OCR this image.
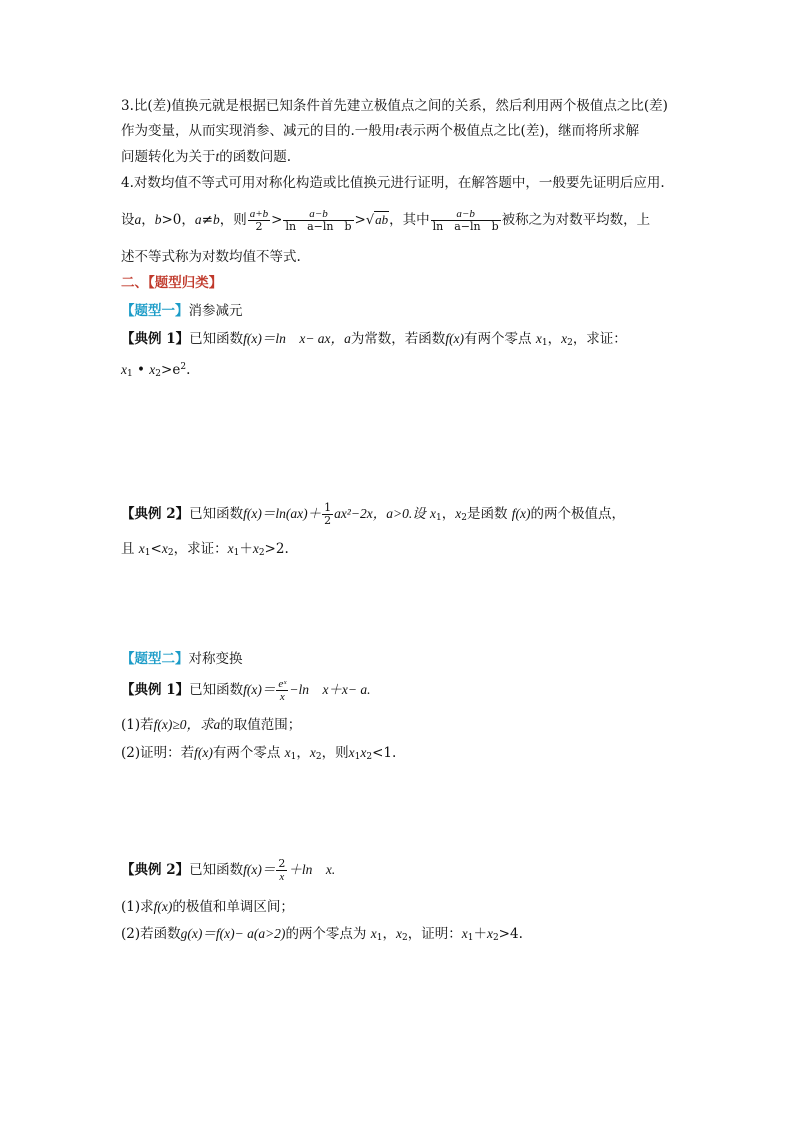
3.比(差)值换元就是根据已知条件首先建立极值点之间的关系，然后利用两个极值点之比(差)
作为变量，从而实现消参、减元的目的.一般用t表示两个极值点之比(差)，继而将所求解
问题转化为关于t的函数问题.
4.对数均值不等式可用对称化构造或比值换元进行证明，在解答题中，一般要先证明后应用.
设a，b>0，a≠b，则 $\frac{a+b}{2} > \frac{a-b}{\text{ln　a−ln　b}} >√ab$，其中 $\frac{a-b}{\text{ln　a−ln　b}}$ 被称之为对数平均数，上
述不等式称为对数均值不等式.
二、【题型归类】
【题型一】消参减元
【典例 1】已知函数f(x)＝ln　x− ax，a为常数，若函数f(x)有两个零点 $x_1$，$x_2$，求证：
$x_1$ • $x_2>e^2$.
【典例 2】已知函数$f(x)=\ln(ax)+ \frac{1}{2} ax^2-2x$，a>0.设 $x_1$，$x_2$是函数 f(x)的两个极值点，
且 $x_1<x_2$，求证：$x_1+x_2>2$.
【题型二】对称变换
【典例 1】已知函数$f(x)= \frac{\text{eˣ}}{x} -\ln$　x＋x− a.
(1)若f(x)≥0，求a的取值范围；
(2)证明：若f(x)有两个零点 $x_1$，$x_2$，则$x_1x_2<1$.
【典例 2】已知函数$f(x)= \frac{2}{x} +\ln$　x.
(1)求f(x)的极值和单调区间；
(2)若函数g(x)＝f(x)− a(a>2)的两个零点为 $x_1$，$x_2$，证明：$x_1+x_2>4$.
